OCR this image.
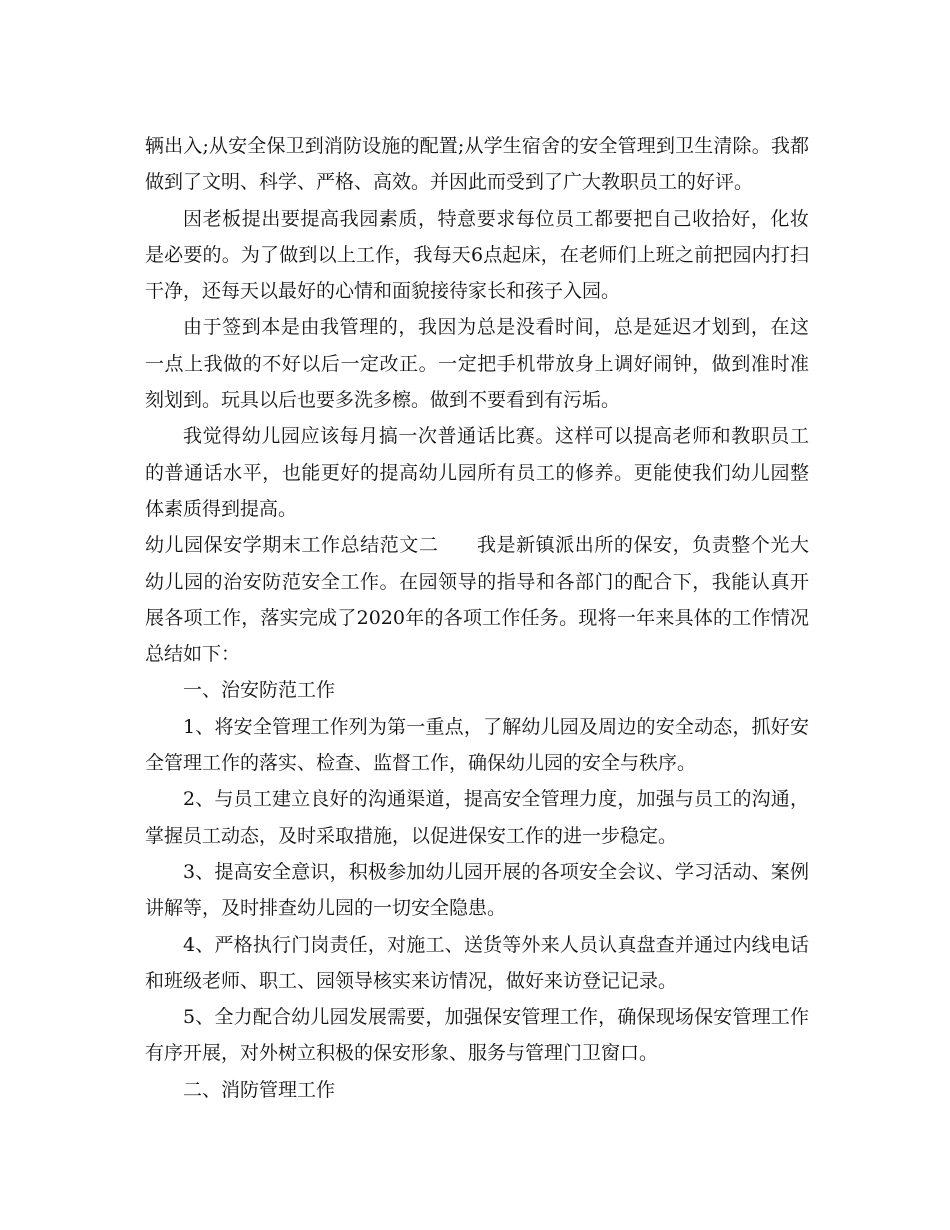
辆出入;从安全保卫到消防设施的配置;从学生宿舍的安全管理到卫生清除。我都做到了文明、科学、严格、高效。并因此而受到了广大教职员工的好评。

因老板提出要提高我园素质，特意要求每位员工都要把自己收拾好，化妆是必要的。为了做到以上工作，我每天6点起床，在老师们上班之前把园内打扫干净，还每天以最好的心情和面貌接待家长和孩子入园。

由于签到本是由我管理的，我因为总是没看时间，总是延迟才划到，在这一点上我做的不好以后一定改正。一定把手机带放身上调好闹钟，做到准时准刻划到。玩具以后也要多洗多檫。做到不要看到有污垢。

我觉得幼儿园应该每月搞一次普通话比赛。这样可以提高老师和教职员工的普通话水平，也能更好的提高幼儿园所有员工的修养。更能使我们幼儿园整体素质得到提高。

幼儿园保安学期末工作总结范文二 我是新镇派出所的保安，负责整个光大幼儿园的治安防范安全工作。在园领导的指导和各部门的配合下，我能认真开展各项工作，落实完成了2020年的各项工作任务。现将一年来具体的工作情况总结如下：

一、治安防范工作

1、将安全管理工作列为第一重点，了解幼儿园及周边的安全动态，抓好安全管理工作的落实、检查、监督工作，确保幼儿园的安全与秩序。

2、与员工建立良好的沟通渠道，提高安全管理力度，加强与员工的沟通，掌握员工动态，及时采取措施，以促进保安工作的进一步稳定。

3、提高安全意识，积极参加幼儿园开展的各项安全会议、学习活动、案例讲解等，及时排查幼儿园的一切安全隐患。

4、严格执行门岗责任，对施工、送货等外来人员认真盘查并通过内线电话和班级老师、职工、园领导核实来访情况，做好来访登记记录。

5、全力配合幼儿园发展需要，加强保安管理工作，确保现场保安管理工作有序开展，对外树立积极的保安形象、服务与管理门卫窗口。

二、消防管理工作
